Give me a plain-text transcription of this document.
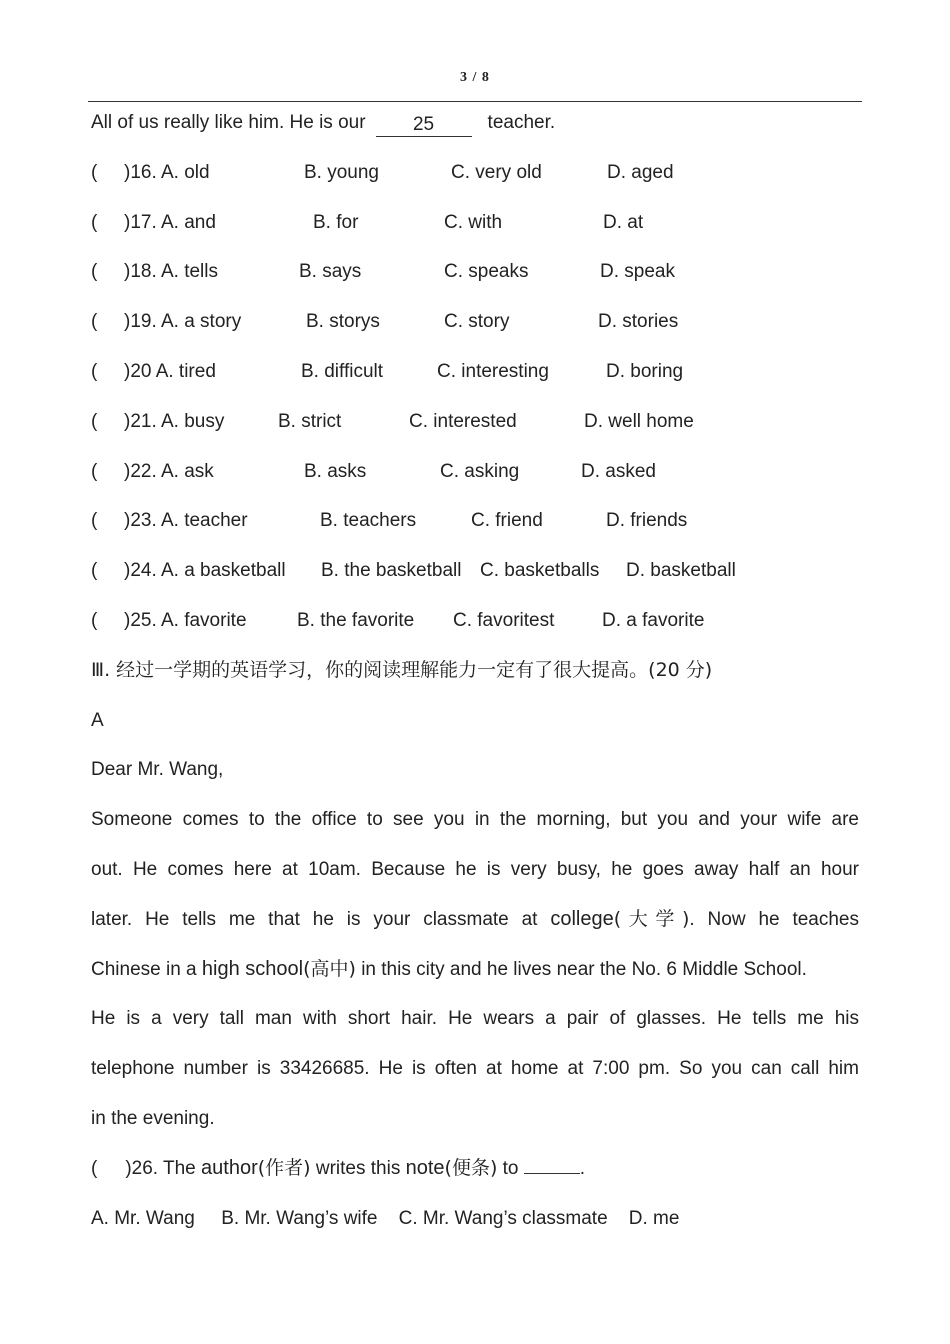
3 / 8
All of us really like him. He is our 25	teacher.
( )16. A. old	B. young	C. very old	D. aged
( )17. A. and	B. for	C. with	D. at
( )18. A. tells	B. says	C. speaks	D. speak
( )19. A. a story	B. storys	C. story	D. stories
( )20 A. tired	B. difficult	C. interesting	D. boring
( )21. A. busy	B. strict	C. interested	D. well home
( )22. A. ask	B. asks	C. asking	D. asked
( )23. A. teacher	B. teachers	C. friend	D. friends
( )24. A. a basketball B. the basketball C. basketballs D. basketball
( )25. A. favorite	B. the favorite C. favoritest	D. a favorite
Ⅲ. 经过一学期的英语学习，你的阅读理解能力一定有了很大提高。(20 分)
A
Dear Mr. Wang,
Someone comes to the office to see you in the morning, but you and your wife are
out. He comes here at 10am. Because he is very busy, he goes away half an hour
later. He tells me that he is your classmate at college(大学). Now he teaches
Chinese in a high school(高中) in this city and he lives near the No. 6 Middle School.
He is a very tall man with short hair. He wears a pair of glasses. He tells me his
telephone number is 33426685. He is often at home at 7:00 pm. So you can call him
in the evening.
( )26. The author(作者) writes this note(便条) to	.
A. Mr. Wang     B. Mr. Wang’s wife    C. Mr. Wang’s classmate    D. me
